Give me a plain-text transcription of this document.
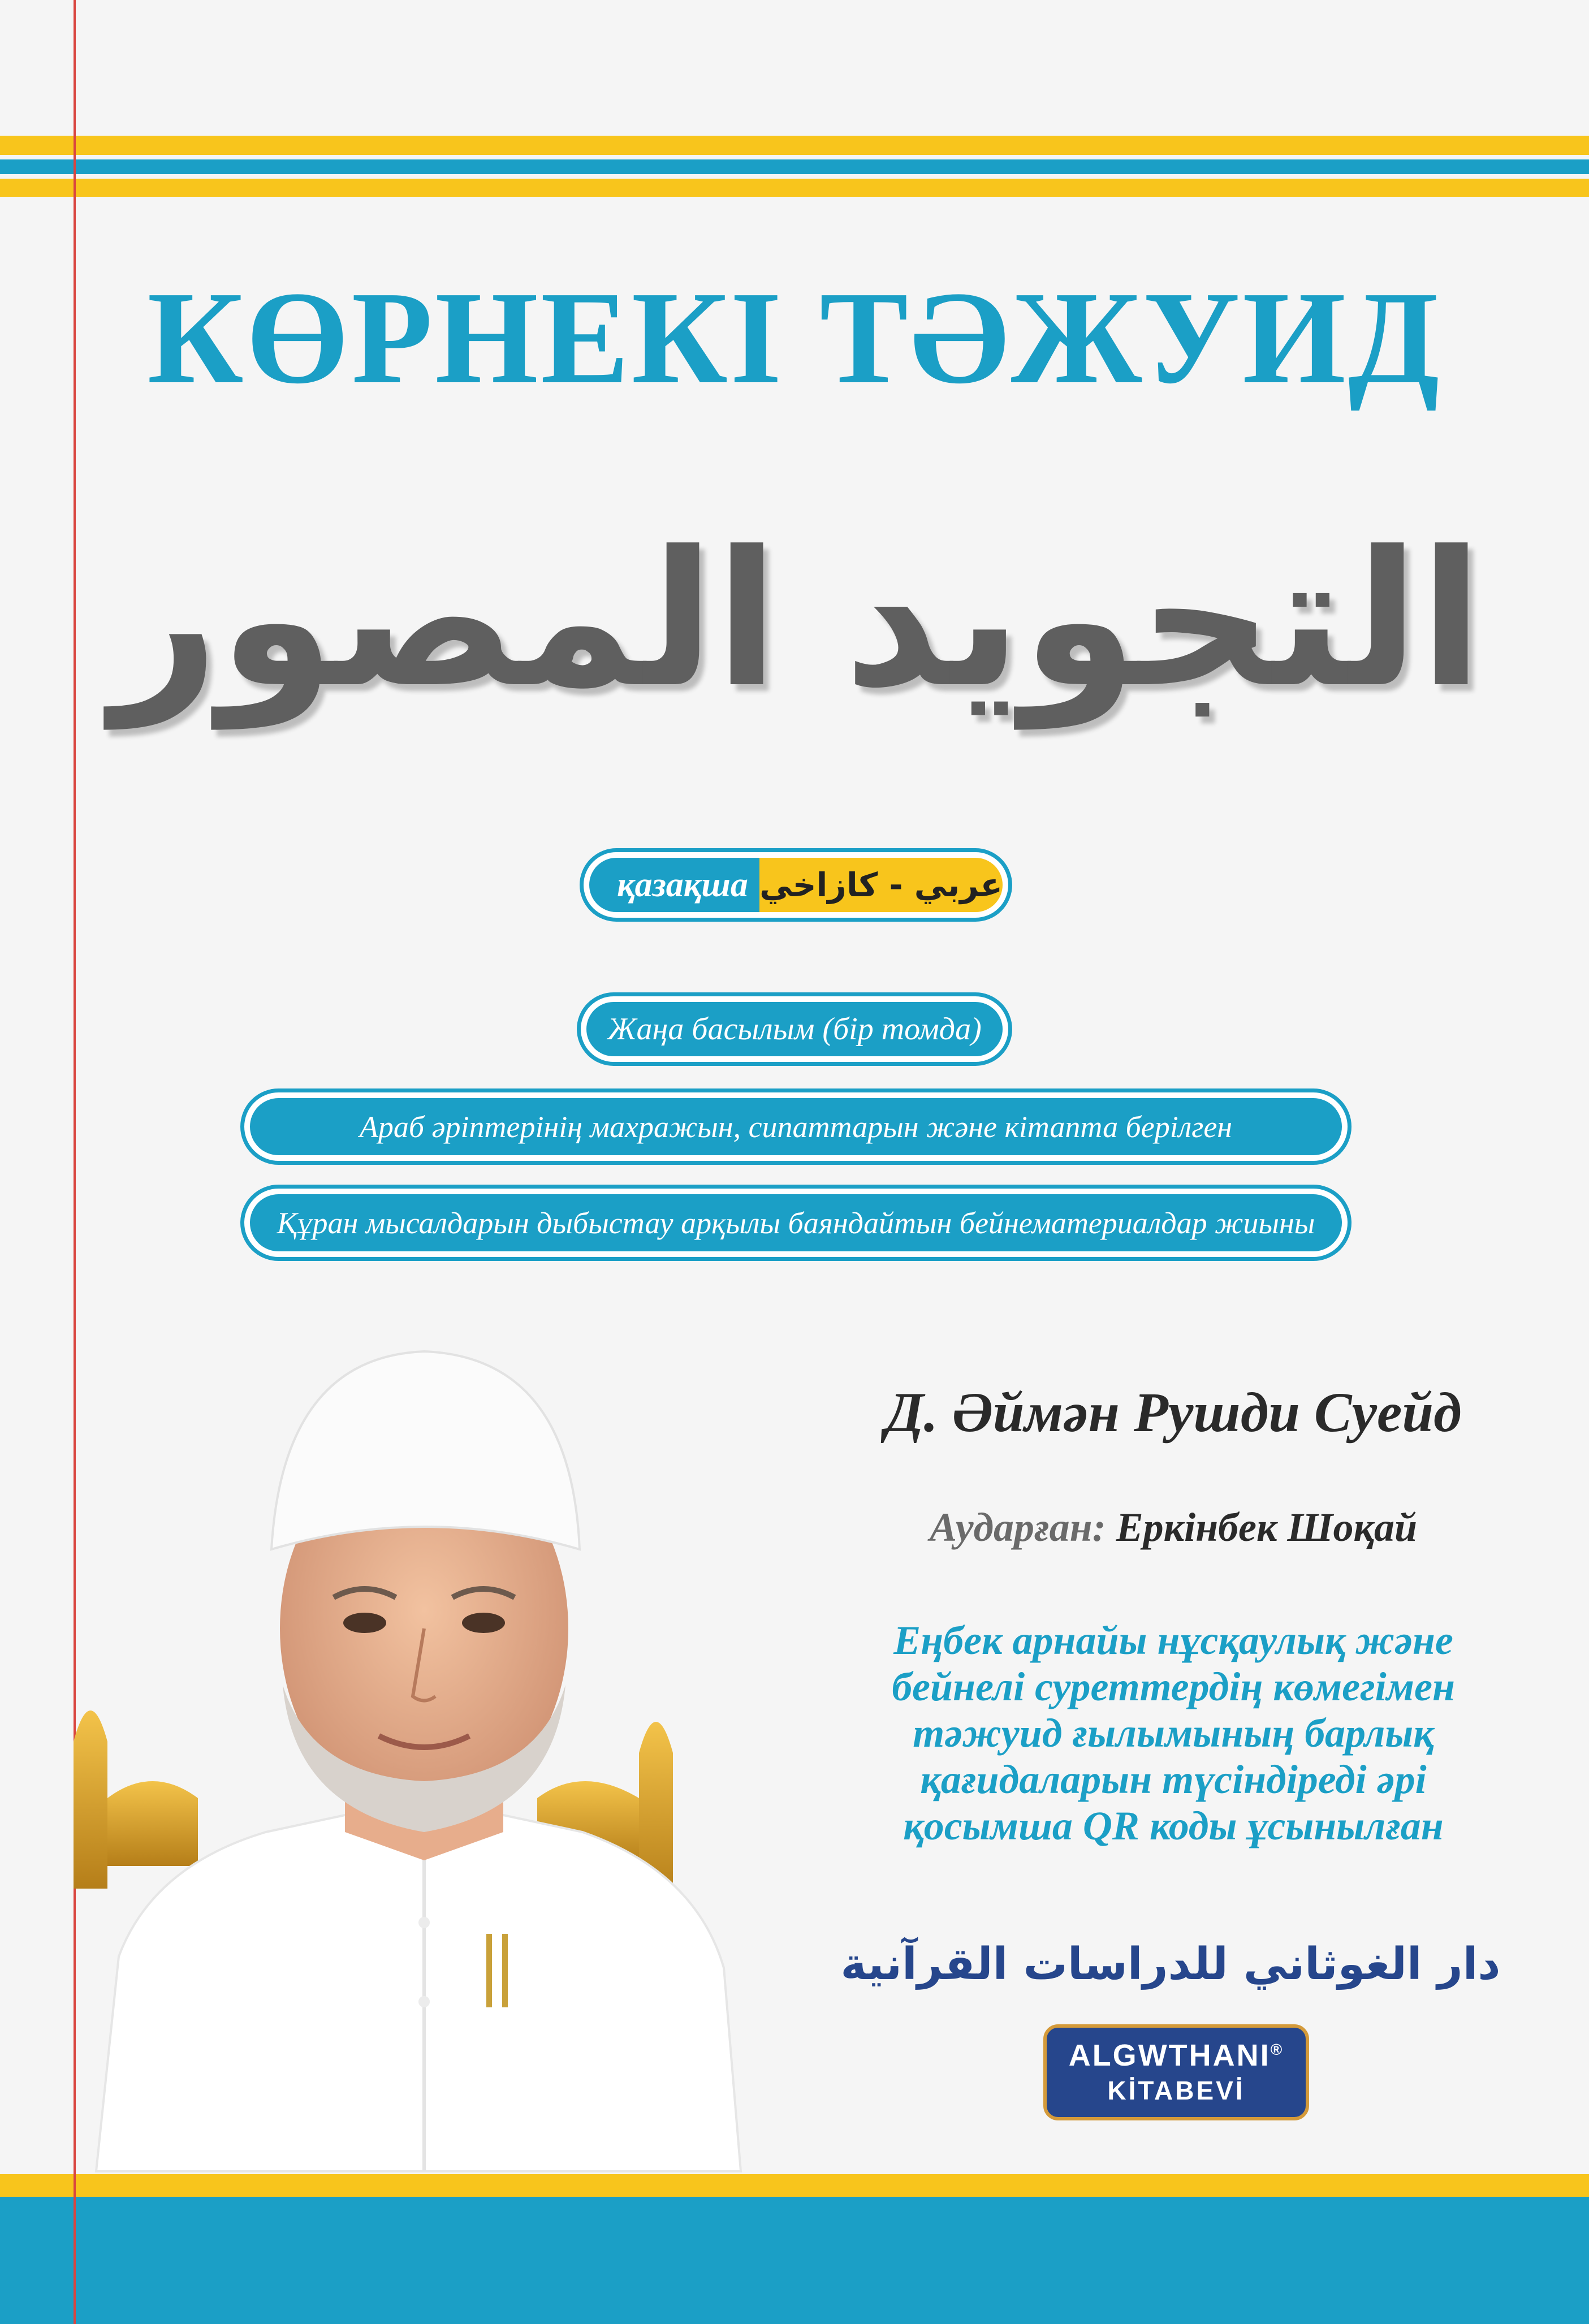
КӨРНЕКІ ТӘЖУИД
التجويد المصور
қазақша عربي - كازاخي
Жаңа басылым (бір томда)
Араб әріптерінің махражын, сипаттарын және кітапта берілген
Құран мысалдарын дыбыстау арқылы баяндайтын бейнематериалдар жиыны
Д. Әймән Рушди Суейд
Аударған: Еркінбек Шоқай
Еңбек арнайы нұсқаулық және
бейнелі суреттердің көмегімен
тәжуид ғылымының барлық
қағидаларын түсіндіреді әрі
қосымша QR коды ұсынылған
دار الغوثاني للدراسات القرآنية
ALGWTHANI®
KİTABEVİ
